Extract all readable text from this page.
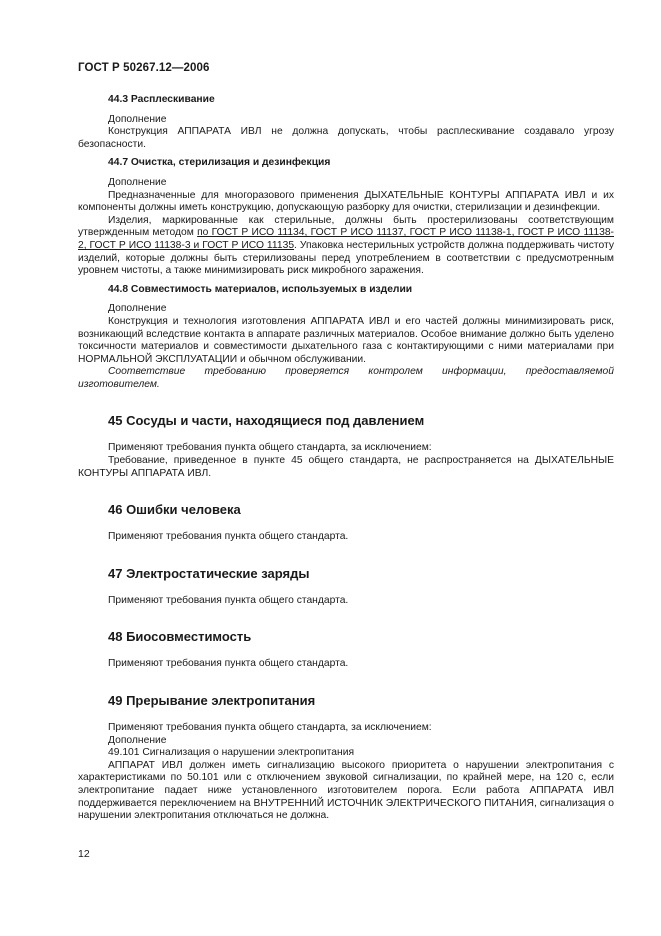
ГОСТ Р 50267.12—2006
44.3 Расплескивание

Дополнение

Конструкция АППАРАТА ИВЛ не должна допускать, чтобы расплескивание создавало угрозу безопасности.

44.7 Очистка, стерилизация и дезинфекция

Дополнение

Предназначенные для многоразового применения ДЫХАТЕЛЬНЫЕ КОНТУРЫ АППАРАТА ИВЛ и их компоненты должны иметь конструкцию, допускающую разборку для очистки, стерилизации и дезинфекции.

Изделия, маркированные как стерильные, должны быть простерилизованы соответствующим утвержденным методом по ГОСТ Р ИСО 11134, ГОСТ Р ИСО 11137, ГОСТ Р ИСО 11138-1, ГОСТ Р ИСО 11138-2, ГОСТ Р ИСО 11138-3 и ГОСТ Р ИСО 11135. Упаковка нестерильных устройств должна поддерживать чистоту изделий, которые должны быть стерилизованы перед употреблением в соответствии с предусмотренным уровнем чистоты, а также минимизировать риск микробного заражения.

44.8 Совместимость материалов, используемых в изделии

Дополнение

Конструкция и технология изготовления АППАРАТА ИВЛ и его частей должны минимизировать риск, возникающий вследствие контакта в аппарате различных материалов. Особое внимание должно быть уделено токсичности материалов и совместимости дыхательного газа с контактирующими с ними материалами при НОРМАЛЬНОЙ ЭКСПЛУАТАЦИИ и обычном обслуживании.

Соответствие требованию проверяется контролем информации, предоставляемой изготовителем.

45 Сосуды и части, находящиеся под давлением

Применяют требования пункта общего стандарта, за исключением:

Требование, приведенное в пункте 45 общего стандарта, не распространяется на ДЫХАТЕЛЬНЫЕ КОНТУРЫ АППАРАТА ИВЛ.

46 Ошибки человека

Применяют требования пункта общего стандарта.

47 Электростатические заряды

Применяют требования пункта общего стандарта.

48 Биосовместимость

Применяют требования пункта общего стандарта.

49 Прерывание электропитания

Применяют требования пункта общего стандарта, за исключением:

Дополнение

49.101 Сигнализация о нарушении электропитания

АППАРАТ ИВЛ должен иметь сигнализацию высокого приоритета о нарушении электропитания с характеристиками по 50.101 или с отключением звуковой сигнализации, по крайней мере, на 120 с, если электропитание падает ниже установленного изготовителем порога. Если работа АППАРАТА ИВЛ поддерживается переключением на ВНУТРЕННИЙ ИСТОЧНИК ЭЛЕКТРИЧЕСКОГО ПИТАНИЯ, сигнализация о нарушении электропитания отключаться не должна.

12
